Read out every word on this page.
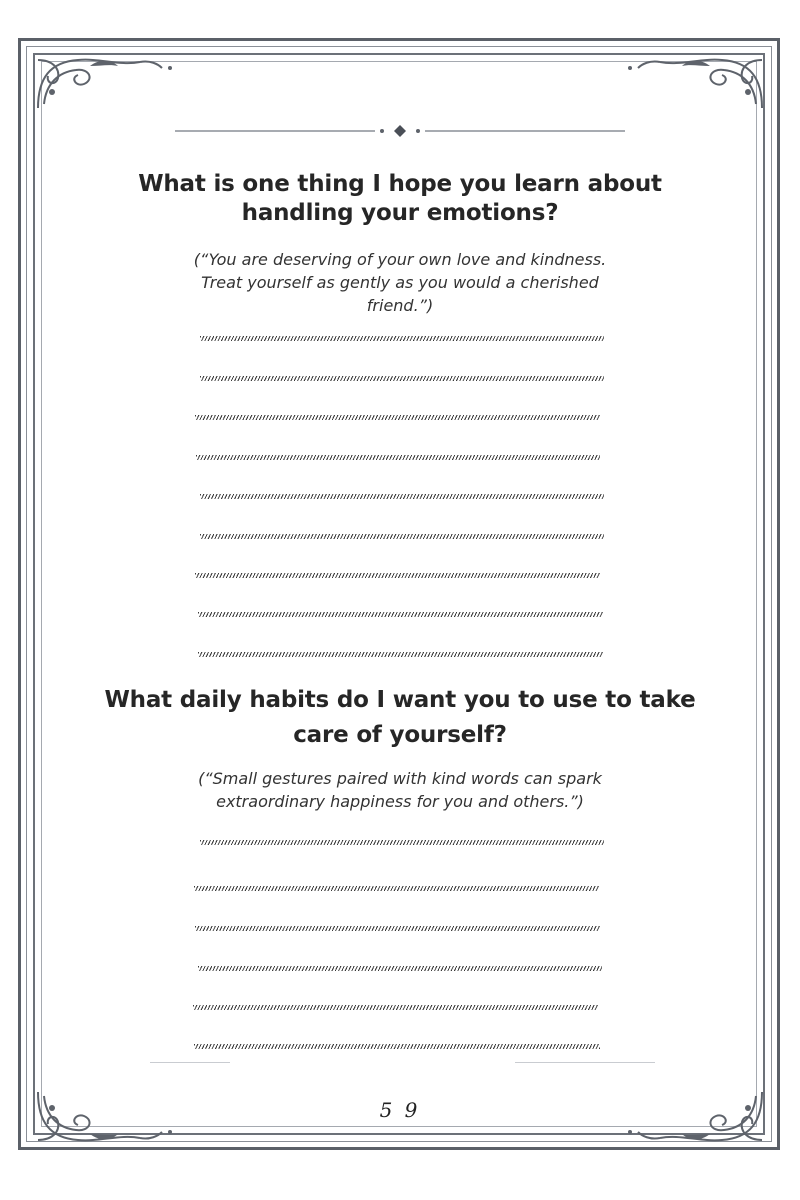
What is one thing I hope you learn about handling your emotions?
(“You are deserving of your own love and kindness. Treat yourself as gently as you would a cherished friend.”)
What daily habits do I want you to use to take care of yourself?
(“Small gestures paired with kind words can spark extraordinary happiness for you and others.”)
5 9
